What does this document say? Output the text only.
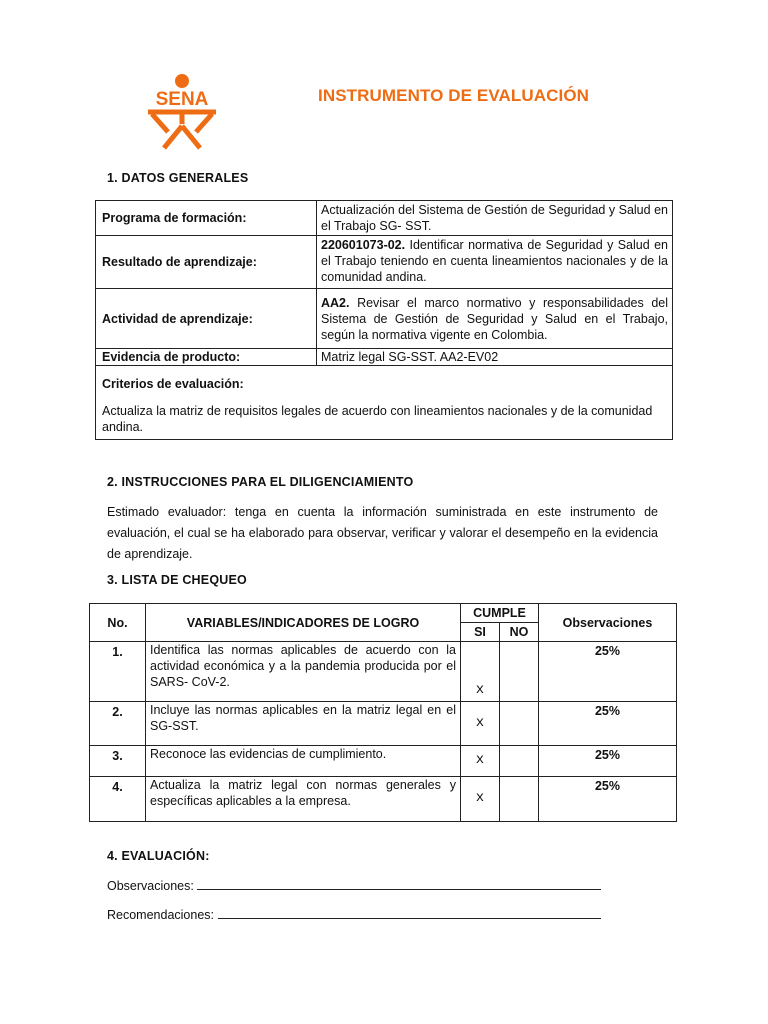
SENA	INSTRUMENTO DE EVALUACIÓN
1. DATOS GENERALES
Programa de formación:	Actualización del Sistema de Gestión de Seguridad y Salud en el Trabajo SG- SST.
Resultado de aprendizaje:	220601073-02. Identificar normativa de Seguridad y Salud en el Trabajo teniendo en cuenta lineamientos nacionales y de la comunidad andina.
Actividad de aprendizaje:	AA2. Revisar el marco normativo y responsabilidades del Sistema de Gestión de Seguridad y Salud en el Trabajo, según la normativa vigente en Colombia.
Evidencia de producto:	Matriz legal SG-SST. AA2-EV02

Criterios de evaluación:
Actualiza la matriz de requisitos legales de acuerdo con lineamientos nacionales y de la comunidad andina.	
2. INSTRUCCIONES PARA EL DILIGENCIAMIENTO
Estimado evaluador: tenga en cuenta la información suministrada en este instrumento de evaluación, el cual se ha elaborado para observar, verificar y valorar el desempeño en la evidencia de aprendizaje.
3. LISTA DE CHEQUEO
No.	VARIABLES/INDICADORES DE LOGRO	CUMPLE		Observaciones
		SI	NO	
1.	Identifica las normas aplicables de acuerdo con la actividad económica y a la pandemia producida por el SARS- CoV-2.	x		25%
2.	Incluye las normas aplicables en la matriz legal en el SG-SST.	x		25%
3.	Reconoce las evidencias de cumplimiento.	x		25%
4.	Actualiza la matriz legal con normas generales y específicas aplicables a la empresa.	x		25%
4. EVALUACIÓN:
Observaciones:
Recomendaciones:
